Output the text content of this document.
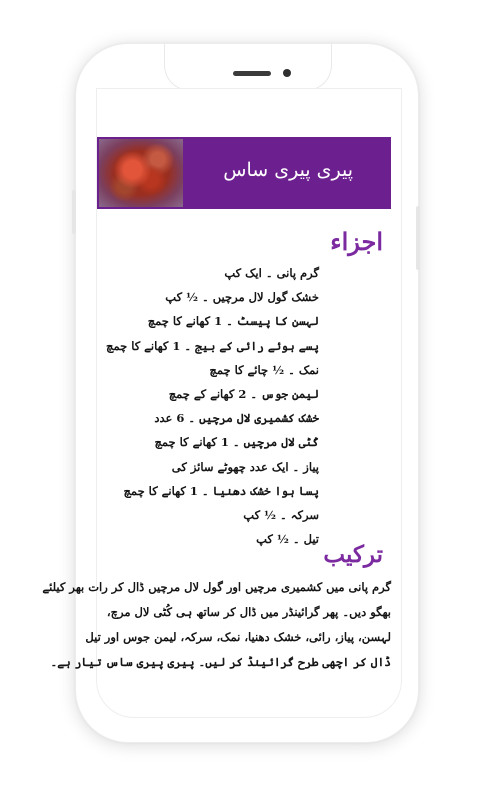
پیری پیری ساس
اجزاء
گرم پانی ۔ ایک کپ
خشک گول لال مرچیں ۔ ½ کپ
لہسن کا پیسٹ ۔ 1 کھانے کا چمچ
پسے ہوئے رائی کے بیج ۔ 1 کھانے کا چمچ
نمک ۔ ½ چائے کا چمچ
لیمن جوس ۔ 2 کھانے کے چمچ
خشک کشمیری لال مرچیں ۔ 6 عدد
کُٹی لال مرچیں ۔ 1 کھانے کا چمچ
پیاز ۔ ایک عدد چھوٹے سائز کی
پسا ہوا خشک دھنیا ۔ 1 کھانے کا چمچ
سرکہ ۔ ½ کپ
تیل ۔ ½ کپ
ترکیب
گرم پانی میں کشمیری مرچیں اور گول لال مرچیں ڈال کر رات بھر کیلئے
بھگو دیں۔ پھر گرائینڈر میں ڈال کر ساتھ ہی کُٹی لال مرچ،
لہسن، پیاز، رائی، خشک دھنیا، نمک، سرکہ، لیمن جوس اور تیل
ڈال کر اچھی طرح گرائینڈ کر لیں۔ پیری پیری ساس تیار ہے۔
